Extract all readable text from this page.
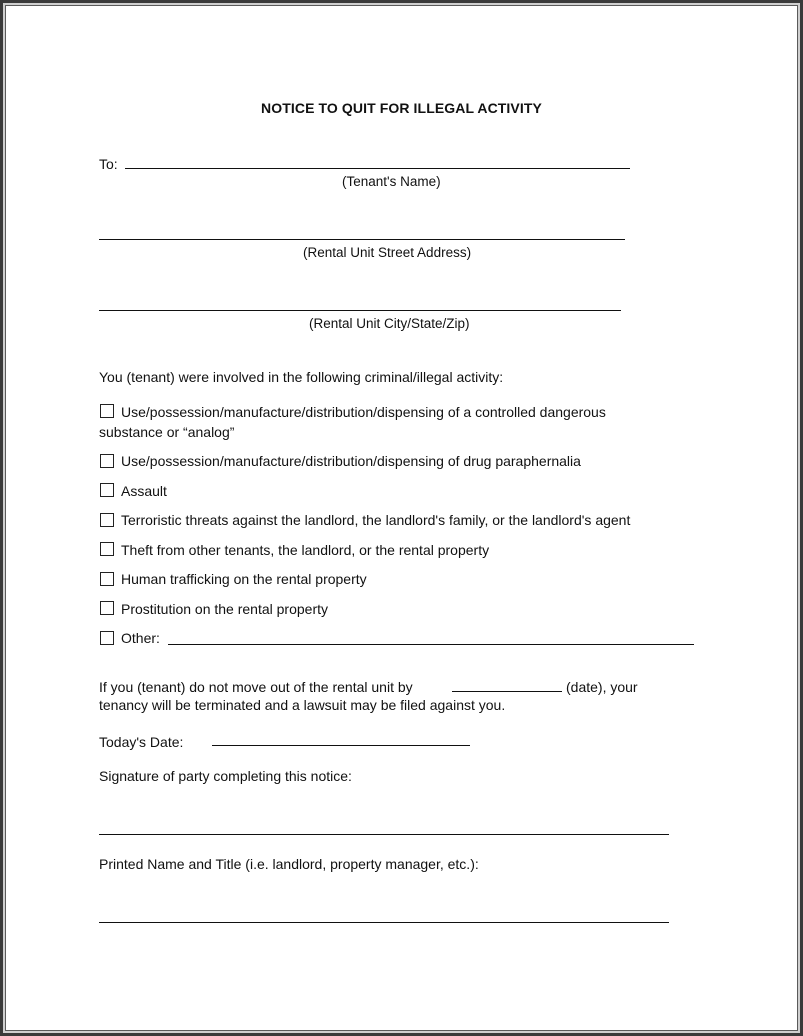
NOTICE TO QUIT FOR ILLEGAL ACTIVITY
To:
(Tenant's Name)
(Rental Unit Street Address)
(Rental Unit City/State/Zip)
You (tenant) were involved in the following criminal/illegal activity:
Use/possession/manufacture/distribution/dispensing of a controlled dangerous
substance or “analog”
Use/possession/manufacture/distribution/dispensing of drug paraphernalia
Assault
Terroristic threats against the landlord, the landlord's family, or the landlord's agent
Theft from other tenants, the landlord, or the rental property
Human trafficking on the rental property
Prostitution on the rental property
Other:
If you (tenant) do not move out of the rental unit by	(date), your
tenancy will be terminated and a lawsuit may be filed against you.
Today's Date:
Signature of party completing this notice:
Printed Name and Title (i.e. landlord, property manager, etc.):
